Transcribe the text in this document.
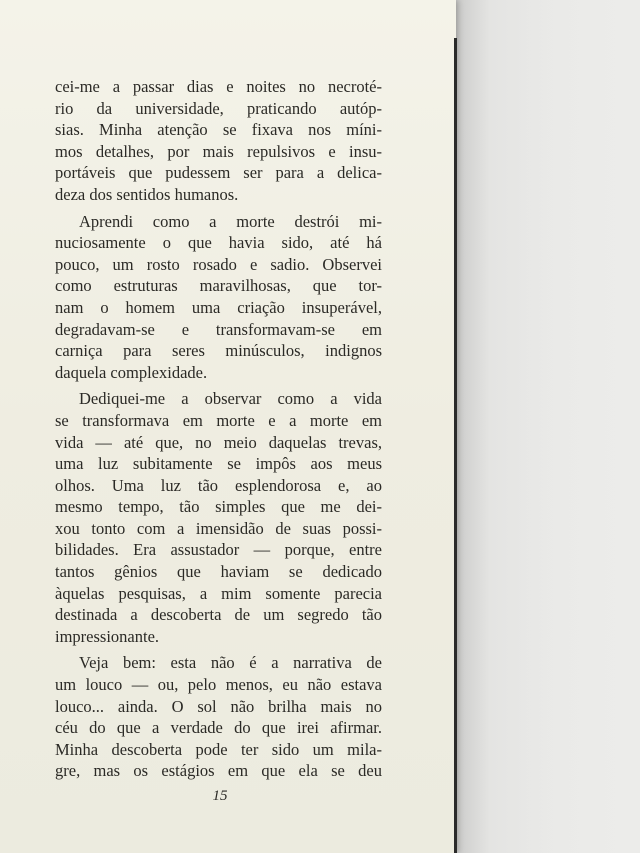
cei-me a passar dias e noites no necroté-
rio da universidade, praticando autóp-
sias. Minha atenção se fixava nos míni-
mos detalhes, por mais repulsivos e insu-
portáveis que pudessem ser para a delica-
deza dos sentidos humanos.
Aprendi como a morte destrói mi-
nuciosamente o que havia sido, até há
pouco, um rosto rosado e sadio. Observei
como estruturas maravilhosas, que tor-
nam o homem uma criação insuperável,
degradavam-se e transformavam-se em
carniça para seres minúsculos, indignos
daquela complexidade.
Dediquei-me a observar como a vida
se transformava em morte e a morte em
vida — até que, no meio daquelas trevas,
uma luz subitamente se impôs aos meus
olhos. Uma luz tão esplendorosa e, ao
mesmo tempo, tão simples que me dei-
xou tonto com a imensidão de suas possi-
bilidades. Era assustador — porque, entre
tantos gênios que haviam se dedicado
àquelas pesquisas, a mim somente parecia
destinada a descoberta de um segredo tão
impressionante.
Veja bem: esta não é a narrativa de
um louco — ou, pelo menos, eu não estava
louco... ainda. O sol não brilha mais no
céu do que a verdade do que irei afirmar.
Minha descoberta pode ter sido um mila-
gre, mas os estágios em que ela se deu
15
